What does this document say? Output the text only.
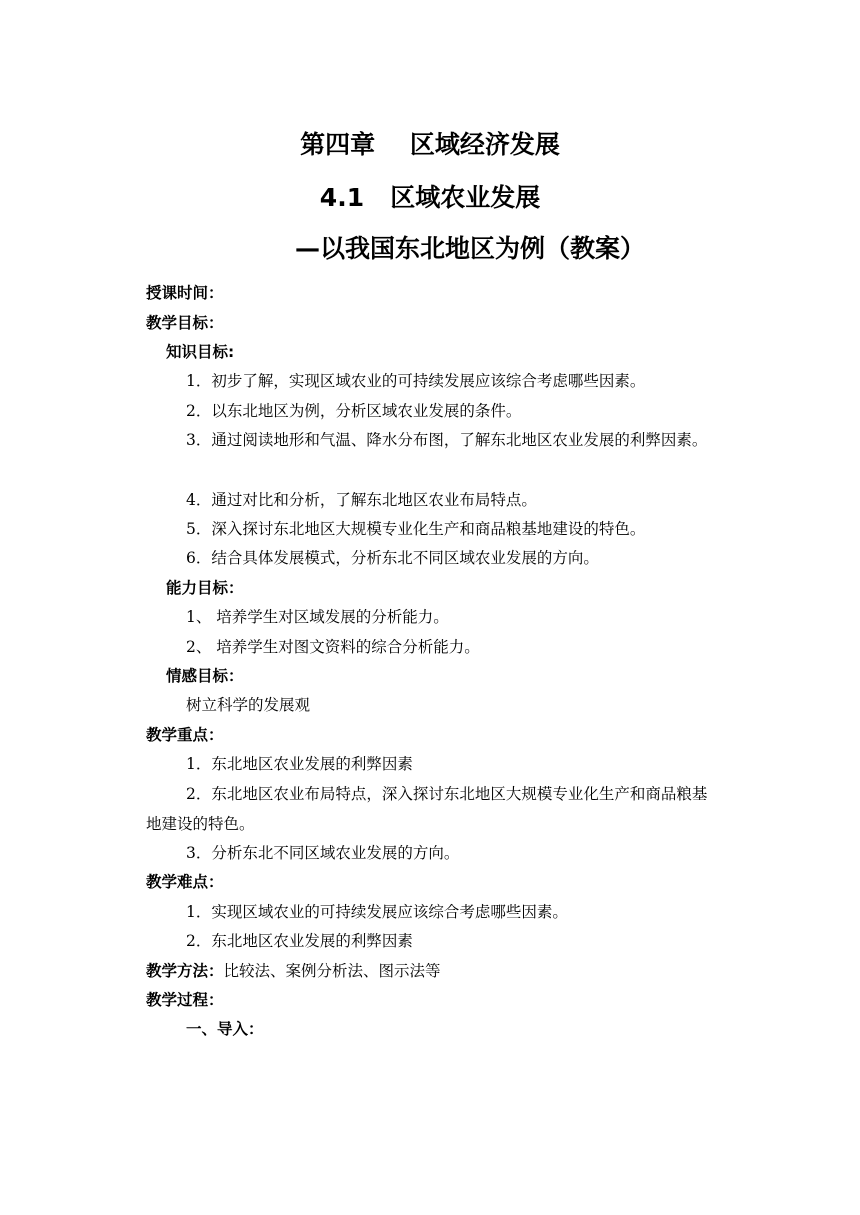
第四章    区域经济发展
4.1   区域农业发展
—以我国东北地区为例（教案）
授课时间：
教学目标：
知识目标:
1．初步了解，实现区域农业的可持续发展应该综合考虑哪些因素。
2．以东北地区为例，分析区域农业发展的条件。
3．通过阅读地形和气温、降水分布图，了解东北地区农业发展的利弊因素。
4．通过对比和分析，了解东北地区农业布局特点。
5．深入探讨东北地区大规模专业化生产和商品粮基地建设的特色。
6．结合具体发展模式，分析东北不同区域农业发展的方向。
能力目标：
1、 培养学生对区域发展的分析能力。
2、 培养学生对图文资料的综合分析能力。
情感目标：
树立科学的发展观
教学重点：
1．东北地区农业发展的利弊因素
2．东北地区农业布局特点，深入探讨东北地区大规模专业化生产和商品粮基地建设的特色。
3．分析东北不同区域农业发展的方向。
教学难点：
1．实现区域农业的可持续发展应该综合考虑哪些因素。
2．东北地区农业发展的利弊因素
教学方法：比较法、案例分析法、图示法等
教学过程：
一、导入：
